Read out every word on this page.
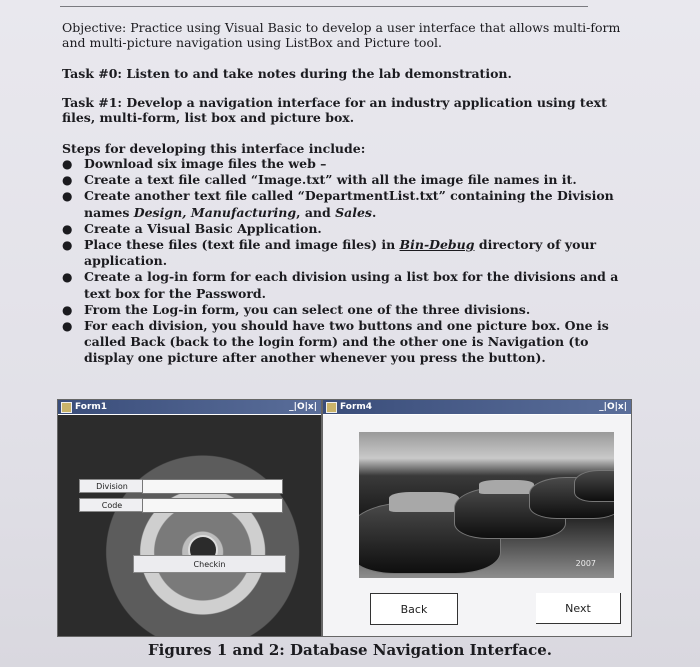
Objective: Practice using Visual Basic to develop a user interface that allows multi-form and multi-picture navigation using ListBox and Picture tool.

Task #0: Listen to and take notes during the lab demonstration.

Task #1: Develop a navigation interface for an industry application using text files, multi-form, list box and picture box.

Steps for developing this interface include:

● Download six image files the web –
● Create a text file called “Image.txt” with all the image file names in it.
● Create another text file called “DepartmentList.txt” containing the Division names Design, Manufacturing, and Sales.
● Create a Visual Basic Application.
● Place these files (text file and image files) in Bin-Debug directory of your application.
● Create a log-in form for each division using a list box for the divisions and a text box for the Password.
● From the Log-in form, you can select one of the three divisions.
● For each division, you should have two buttons and one picture box. One is called Back (back to the login form) and the other one is Navigation (to display one picture after another whenever you press the button).
Form1	_|O|x|
Division
Code
Checkin
Form4	_|O|x|
2007
Back	Next
Figures 1 and 2: Database Navigation Interface.
